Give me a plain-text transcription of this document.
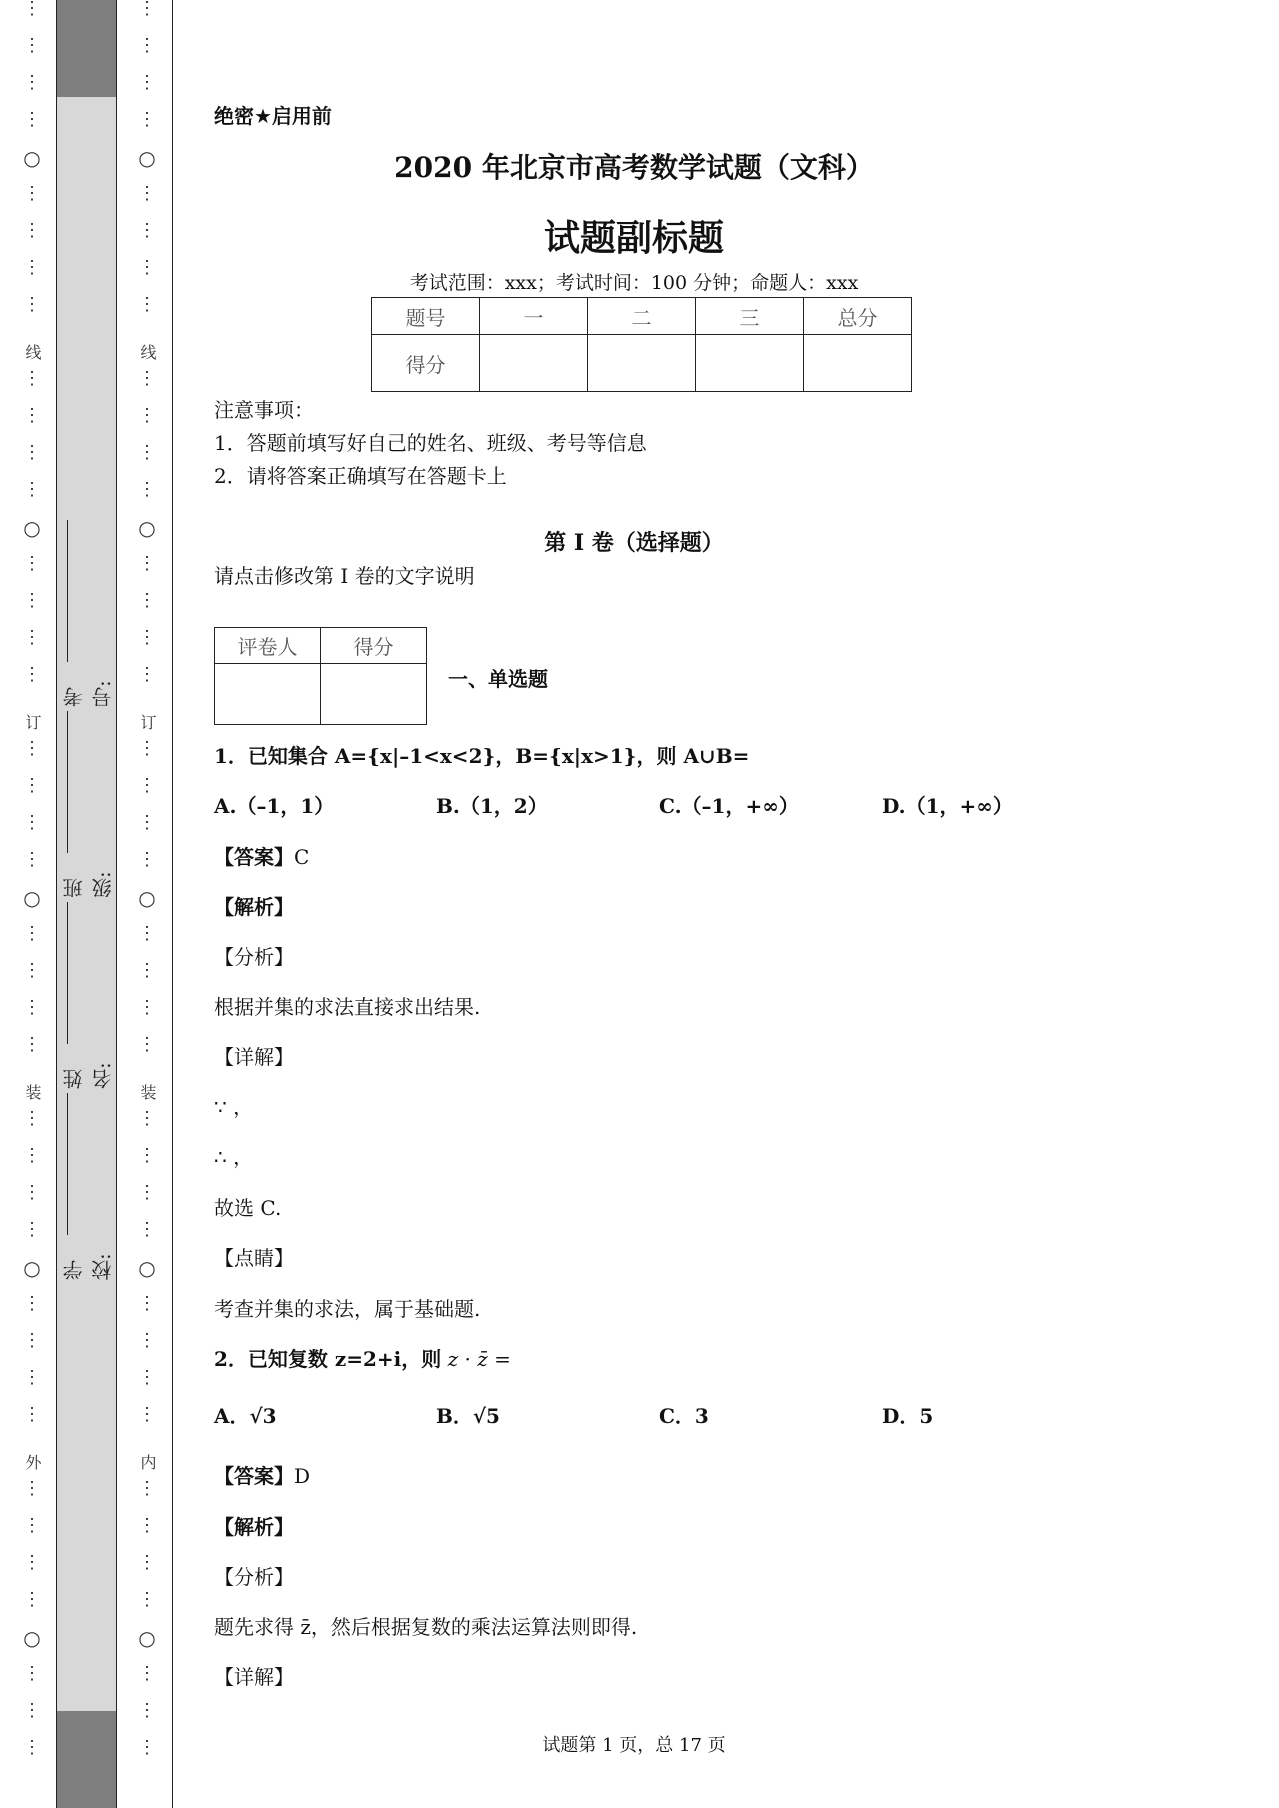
⋮
⋮
⋮
⋮
○
⋮
⋮
⋮
⋮
线
⋮
⋮
⋮
⋮
○
⋮
⋮
⋮
⋮
订
⋮
⋮
⋮
⋮
○
⋮
⋮
⋮
⋮
装
⋮
⋮
⋮
⋮
○
⋮
⋮
⋮
⋮
外
⋮
⋮
⋮
⋮
○
⋮
⋮
⋮
学校:
姓名:
班级:
考号:
⋮
⋮
⋮
⋮
○
⋮
⋮
⋮
⋮
线
⋮
⋮
⋮
⋮
○
⋮
⋮
⋮
⋮
订
⋮
⋮
⋮
⋮
○
⋮
⋮
⋮
⋮
装
⋮
⋮
⋮
⋮
○
⋮
⋮
⋮
⋮
内
⋮
⋮
⋮
⋮
○
⋮
⋮
⋮
绝密★启用前
2020 年北京市高考数学试题（文科）
试题副标题
考试范围：xxx；考试时间：100 分钟；命题人：xxx
题号	一	二	三	总分
得分				
注意事项：
1．答题前填写好自己的姓名、班级、考号等信息
2．请将答案正确填写在答题卡上
第 I 卷（选择题）
请点击修改第 I 卷的文字说明
评卷人	得分

一、单选题
1．已知集合 A={x|–1<x<2}，B={x|x>1}，则 A∪B=
A.（–1，1）	B.（1，2）	C.（–1，+∞）	D.（1，+∞）
【答案】C
【解析】
【分析】
根据并集的求法直接求出结果.
【详解】
∵ ，
∴ ，
故选 C.
【点睛】
考查并集的求法，属于基础题.
2．已知复数 z=2+i，则 z · z̄ =
A．√3	B．√5	C．3	D．5
【答案】D
【解析】
【分析】
题先求得 z̄，然后根据复数的乘法运算法则即得.
【详解】
试题第 1 页，总 17 页
